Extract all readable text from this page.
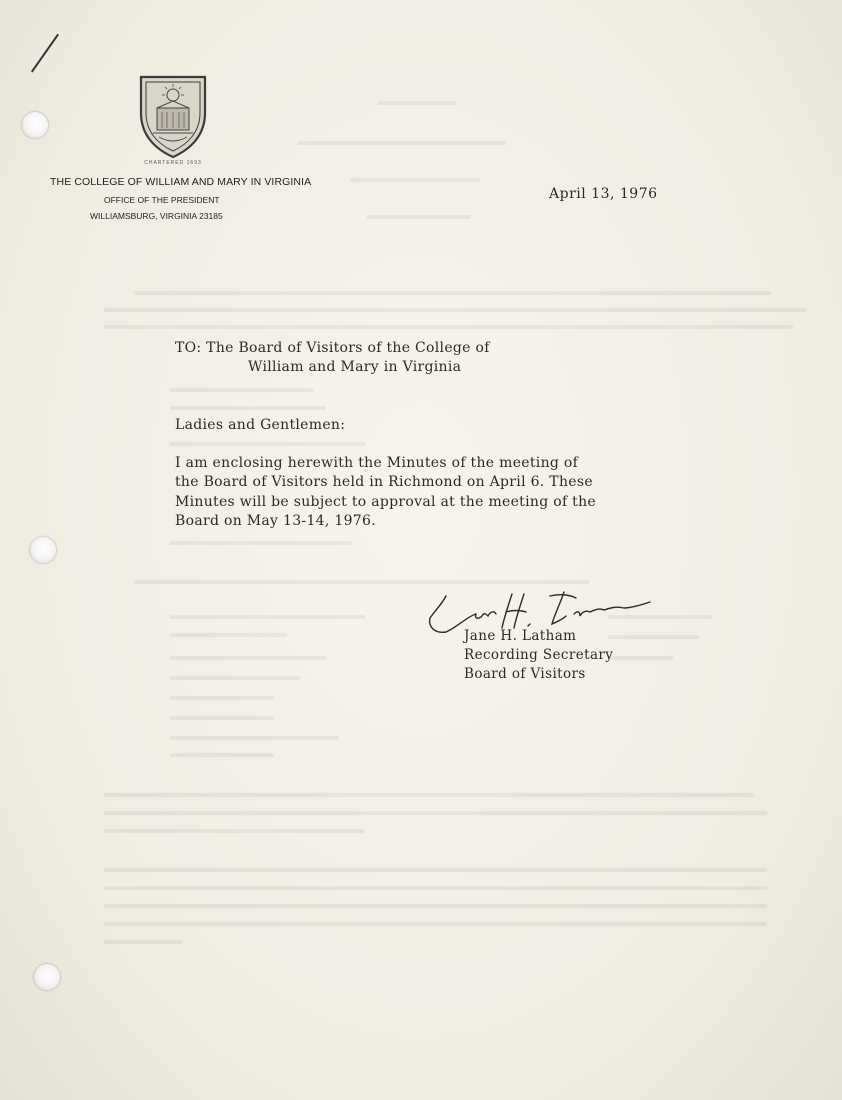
▬▬▬▬▬▬
▬▬▬▬▬▬▬▬▬▬▬▬▬▬▬▬
▬▬▬▬▬▬▬▬▬▬
▬▬▬▬▬▬▬▬
▬▬▬▬▬▬▬▬▬▬▬▬▬▬▬▬▬▬▬▬▬▬▬▬▬▬▬▬▬▬▬▬▬▬▬▬▬▬▬▬▬▬▬▬▬▬▬▬▬
▬▬▬▬▬▬▬▬▬▬▬▬▬▬▬▬▬▬▬▬▬▬▬▬▬▬▬▬▬▬▬▬▬▬▬▬▬▬▬▬▬▬▬▬▬▬▬▬▬▬▬▬▬▬
▬▬▬▬▬▬▬▬▬▬▬▬▬▬▬▬▬▬▬▬▬▬▬▬▬▬▬▬▬▬▬▬▬▬▬▬▬▬▬▬▬▬▬▬▬▬▬▬▬▬▬▬▬
▬▬▬▬▬▬▬▬▬▬▬
▬▬▬▬▬▬▬▬▬▬▬▬
▬▬▬▬▬▬▬▬▬▬▬▬▬▬▬
▬▬▬▬▬▬▬▬▬▬▬▬▬▬
▬▬▬▬▬▬▬▬▬▬▬▬▬▬▬▬▬▬▬▬▬▬▬▬▬▬▬▬▬▬▬▬▬▬▬
▬▬▬▬▬▬▬▬▬▬▬▬▬▬▬
▬▬▬▬▬▬▬▬▬
▬▬▬▬▬▬▬▬▬▬▬▬
▬▬▬▬▬▬▬▬▬▬
▬▬▬▬▬▬▬▬
▬▬▬▬▬▬▬▬
▬▬▬▬▬▬▬▬▬▬▬▬▬
▬▬▬▬▬▬▬▬
▬▬▬▬▬▬▬▬
▬▬▬▬▬▬▬
▬▬▬▬▬
▬▬▬▬▬▬▬▬▬▬▬▬▬▬▬▬▬▬▬▬▬▬▬▬▬▬▬▬▬▬▬▬▬▬▬▬▬▬▬▬▬▬▬▬▬▬▬▬▬▬
▬▬▬▬▬▬▬▬▬▬▬▬▬▬▬▬▬▬▬▬▬▬▬▬▬▬▬▬▬▬▬▬▬▬▬▬▬▬▬▬▬▬▬▬▬▬▬▬▬▬▬
▬▬▬▬▬▬▬▬▬▬▬▬▬▬▬▬▬▬▬▬
▬▬▬▬▬▬▬▬▬▬▬▬▬▬▬▬▬▬▬▬▬▬▬▬▬▬▬▬▬▬▬▬▬▬▬▬▬▬▬▬▬▬▬▬▬▬▬▬▬▬▬
▬▬▬▬▬▬▬▬▬▬▬▬▬▬▬▬▬▬▬▬▬▬▬▬▬▬▬▬▬▬▬▬▬▬▬▬▬▬▬▬▬▬▬▬▬▬▬▬▬▬▬
▬▬▬▬▬▬▬▬▬▬▬▬▬▬▬▬▬▬▬▬▬▬▬▬▬▬▬▬▬▬▬▬▬▬▬▬▬▬▬▬▬▬▬▬▬▬▬▬▬▬▬
▬▬▬▬▬▬▬▬▬▬▬▬▬▬▬▬▬▬▬▬▬▬▬▬▬▬▬▬▬▬▬▬▬▬▬▬▬▬▬▬▬▬▬▬▬▬▬▬▬▬▬
▬▬▬▬▬▬
CHARTERED 1693
THE COLLEGE OF WILLIAM AND MARY IN VIRGINIA
OFFICE OF THE PRESIDENT
WILLIAMSBURG, VIRGINIA 23185
April 13, 1976
TO: The Board of Visitors of the College of
William and Mary in Virginia
Ladies and Gentlemen:
I am enclosing herewith the Minutes of the meeting of
the Board of Visitors held in Richmond on April 6. These
Minutes will be subject to approval at the meeting of the
Board on May 13-14, 1976.
Jane H. Latham
Recording Secretary
Board of Visitors
